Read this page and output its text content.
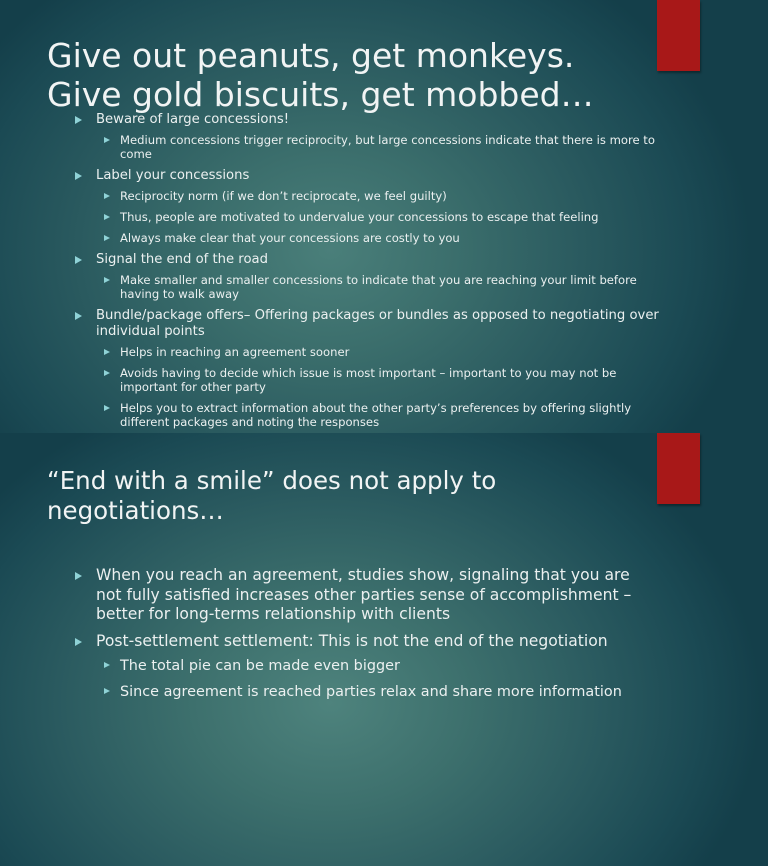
Give out peanuts, get monkeys.
Give gold biscuits, get mobbed…
Beware of large concessions!
Medium concessions trigger reciprocity, but large concessions indicate that there is more to come
Label your concessions
Reciprocity norm (if we don’t reciprocate, we feel guilty)
Thus, people are motivated to undervalue your concessions to escape that feeling
Always make clear that your concessions are costly to you
Signal the end of the road
Make smaller and smaller concessions to indicate that you are reaching your limit before having to walk away
Bundle/package offers– Offering packages or bundles as opposed to negotiating over individual points
Helps in reaching an agreement sooner
Avoids having to decide which issue is most important – important to you may not be important for other party
Helps you to extract information about the other party’s preferences by offering slightly different packages and noting the responses
“End with a smile” does not apply to
negotiations…
When you reach an agreement, studies show, signaling that you are not fully satisfied increases other parties sense of accomplishment – better for long-terms relationship with clients
Post-settlement settlement: This is not the end of the negotiation
The total pie can be made even bigger
Since agreement is reached parties relax and share more information
